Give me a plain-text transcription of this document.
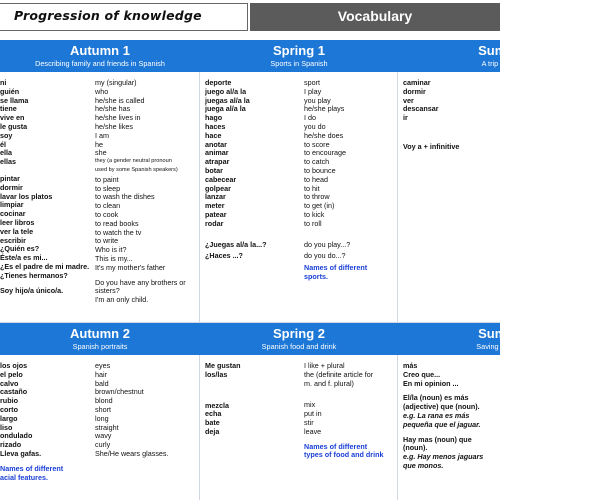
Progression of knowledge	Vocabulary
Autumn 1
Describing family and friends in Spanish
Spring 1
Sports in Spanish
Summ
A trip acro
Autumn 2
Spanish portraits
Spring 2
Spanish food and drink
Summ
Saving South
ni
guién
se llama
tiene
vive en
le gusta
soy
él
ella
ellas
pintar
dormir
lavar los platos
limpiar
cocinar
leer libros
ver la tele
escribir
¿Quién es?
Éste/a es mi...
¿Es el padre de mi madre.
¿Tienes hermanos?
Soy hijo/a único/a.
my (singular)
who
he/she is called
he/she has
he/she lives in
he/she likes
I am
he
she
they (a gender neutral pronoun
used by some Spanish speakers)
to paint
to sleep
to wash the dishes
to clean
to cook
to read books
to watch the tv
to write
Who is it?
This is my...
It's my mother's father
Do you have any brothers or
sisters?
I'm an only child.
deporte
juego al/a la
juegas al/a la
juega al/a la
hago
haces
hace
anotar
animar
atrapar
botar
cabecear
golpear
lanzar
meter
patear
rodar
¿Juegas al/a la...?
¿Haces ...?
sport
I play
you play
he/she plays
I do
you do
he/she does
to score
to encourage
to catch
to bounce
to head
to hit
to throw
to get (in)
to kick
to roll
do you play...?
do you do...?
Names of different
sports.
caminar
dormir
ver
descansar
ir
Voy a + infinitive
los ojos
el pelo
calvo
castaño
rubio
corto
largo
liso
ondulado
rizado
Lleva gafas.
Names of different
acial features.
eyes
hair
bald
brown/chestnut
blond
short
long
straight
wavy
curly
She/He wears glasses.
Me gustan
los/las
mezcla
echa
bate
deja
I like + plural
the (definite article for
m. and f. plural)
mix
put in
stir
leave
Names of different
types of food and drink
más
Creo que...
En mi opinion ...
El/la (noun) es más
(adjective) que (noun).
e.g. La rana es más
pequeña que el jaguar.
Hay mas (noun) que
(noun).
e.g. Hay menos jaguars
que monos.
